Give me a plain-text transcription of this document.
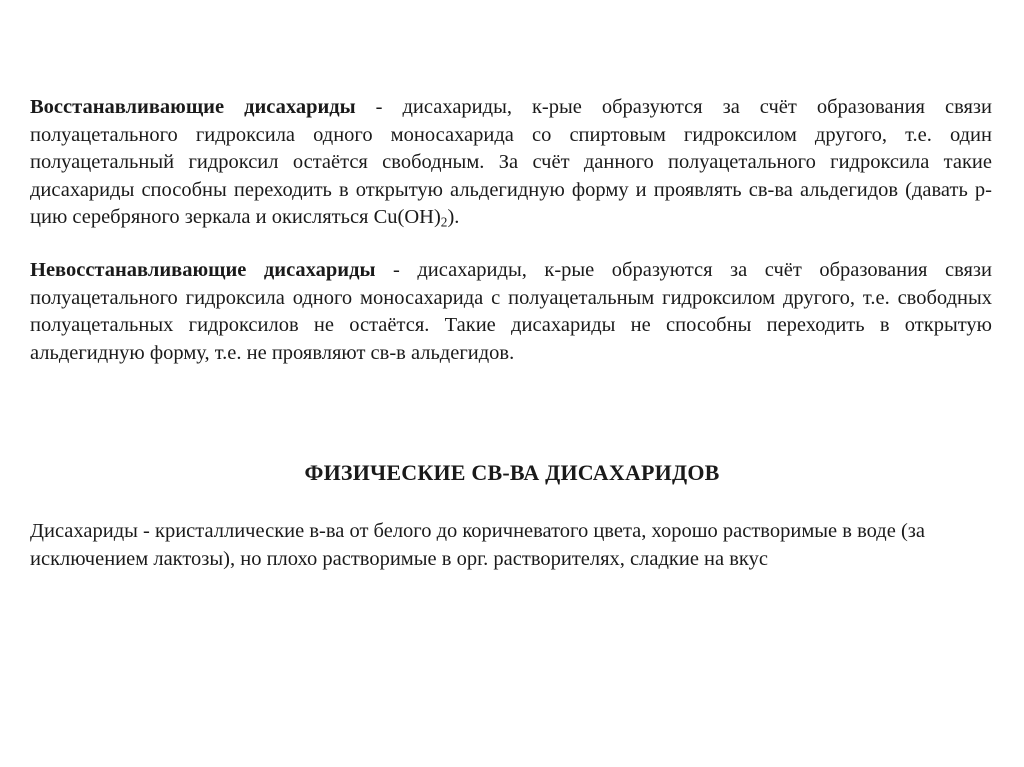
Восстанавливающие дисахариды - дисахариды, к-рые образуются за счёт образования связи полуацетального гидроксила одного моносахарида со спиртовым гидроксилом другого, т.е. один полуацетальный гидроксил остаётся свободным. За счёт данного полуацетального гидроксила такие дисахариды способны переходить в открытую альдегидную форму и проявлять св-ва альдегидов (давать р-цию серебряного зеркала и окисляться $Cu(OH)_2$).

Невосстанавливающие дисахариды - дисахариды, к-рые образуются за счёт образования связи полуацетального гидроксила одного моносахарида с полуацетальным гидроксилом другого, т.е. свободных полуацетальных гидроксилов не остаётся. Такие дисахариды не способны переходить в открытую альдегидную форму, т.е. не проявляют св-в альдегидов.

ФИЗИЧЕСКИЕ СВ-ВА ДИСАХАРИДОВ

Дисахариды - кристаллические в-ва от белого до коричневатого цвета, хорошо растворимые в воде (за исключением лактозы), но плохо растворимые в орг. растворителях, сладкие на вкус
